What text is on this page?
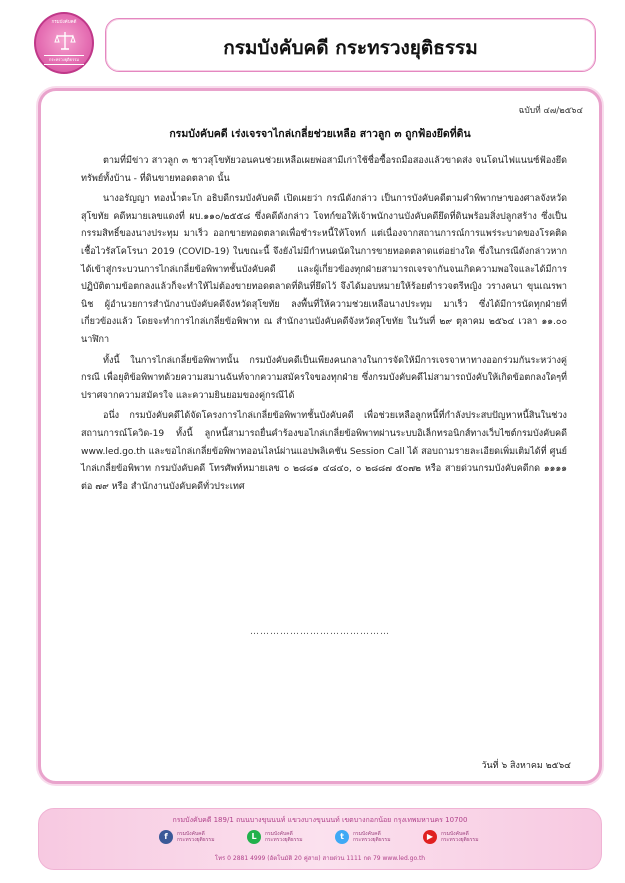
กรมบังคับคดี
กระทรวงยุติธรรม
กรมบังคับคดี กระทรวงยุติธรรม
ฉบับที่ ๔๗/๒๕๖๔
กรมบังคับคดี เร่งเจรจาไกล่เกลี่ยช่วยเหลือ สาวลูก ๓ ถูกฟ้องยึดที่ดิน

ตามที่มีข่าว สาวลูก ๓ ชาวสุโขทัยวอนคนช่วยเหลือเผยพ่อสามีเก่าใช้ชื่อซื้อรถมือสองแล้วขาดส่ง จนโดนไฟแนนซ์ฟ้องยึดทรัพย์ทั้งบ้าน - ที่ดินขายทอดตลาด นั้น

นางอรัญญา ทองน้ำตะโก อธิบดีกรมบังคับคดี เปิดเผยว่า กรณีดังกล่าว เป็นการบังคับคดีตามคำพิพากษาของศาลจังหวัดสุโขทัย คดีหมายเลขแดงที่ ผบ.๑๑๐/๒๕๕๘ ซึ่งคดีดังกล่าว โจทก์ขอให้เจ้าพนักงานบังคับคดียึดที่ดินพร้อมสิ่งปลูกสร้าง ซึ่งเป็นกรรมสิทธิ์ของนางประทุม มาเร็ว ออกขายทอดตลาดเพื่อชำระหนี้ให้โจทก์ แต่เนื่องจากสถานการณ์การแพร่ระบาดของโรคติดเชื้อไวรัสโคโรนา 2019 (COVID-19) ในขณะนี้ จึงยังไม่มีกำหนดนัดในการขายทอดตลาดแต่อย่างใด ซึ่งในกรณีดังกล่าวหากได้เข้าสู่กระบวนการไกล่เกลี่ยข้อพิพาทชั้นบังคับคดี และผู้เกี่ยวข้องทุกฝ่ายสามารถเจรจากันจนเกิดความพอใจและได้มีการปฏิบัติตามข้อตกลงแล้วก็จะทำให้ไม่ต้องขายทอดตลาดที่ดินที่ยึดไว้ จึงได้มอบหมายให้ร้อยตำรวจตรีหญิง วรางคนา ขุนเณรพานิช ผู้อำนวยการสำนักงานบังคับคดีจังหวัดสุโขทัย ลงพื้นที่ให้ความช่วยเหลือนางประทุม มาเร็ว ซึ่งได้มีการนัดทุกฝ่ายที่เกี่ยวข้องแล้ว โดยจะทำการไกล่เกลี่ยข้อพิพาท ณ สำนักงานบังคับคดีจังหวัดสุโขทัย ในวันที่ ๒๙ ตุลาคม ๒๕๖๔ เวลา ๑๑.๐๐ นาฬิกา

ทั้งนี้ ในการไกล่เกลี่ยข้อพิพาทนั้น กรมบังคับคดีเป็นเพียงคนกลางในการจัดให้มีการเจรจาหาทางออกร่วมกันระหว่างคู่กรณี เพื่อยุติข้อพิพาทด้วยความสมานฉันท์จากความสมัครใจของทุกฝ่าย ซึ่งกรมบังคับคดีไม่สามารถบังคับให้เกิดข้อตกลงใดๆที่ปราศจากความสมัครใจ และความยินยอมของคู่กรณีได้

อนึ่ง กรมบังคับคดีได้จัดโครงการไกล่เกลี่ยข้อพิพาทชั้นบังคับคดี เพื่อช่วยเหลือลูกหนี้ที่กำลังประสบปัญหาหนี้สินในช่วงสถานการณ์โควิด-19 ทั้งนี้ ลูกหนี้สามารถยื่นคำร้องขอไกล่เกลี่ยข้อพิพาทผ่านระบบอิเล็กทรอนิกส์ทางเว็บไซต์กรมบังคับคดี www.led.go.th และขอไกล่เกลี่ยข้อพิพาทออนไลน์ผ่านแอปพลิเคชัน Session Call ได้ สอบถามรายละเอียดเพิ่มเติมได้ที่ ศูนย์ไกล่เกลี่ยข้อพิพาท กรมบังคับคดี โทรศัพท์หมายเลข ๐ ๒๘๘๑ ๔๘๔๐, ๐ ๒๘๘๗ ๕๐๗๒ หรือ สายด่วนกรมบังคับคดีกด ๑๑๑๑ ต่อ ๗๙ หรือ สำนักงานบังคับคดีทั่วประเทศ

……………………………………
วันที่ ๖ สิงหาคม ๒๕๖๔
กรมบังคับคดี 189/1 ถนนบางขุนนนท์ แขวงบางขุนนนท์ เขตบางกอกน้อย กรุงเทพมหานคร 10700
f	กรมบังคับคดี กระทรวงยุติธรรม	L	กรมบังคับคดี กระทรวงยุติธรรม	t	กรมบังคับคดี กระทรวงยุติธรรม	▶	กรมบังคับคดี กระทรวงยุติธรรม
โทร 0 2881 4999 (อัตโนมัติ 20 คู่สาย) สายด่วน 1111 กด 79 www.led.go.th
